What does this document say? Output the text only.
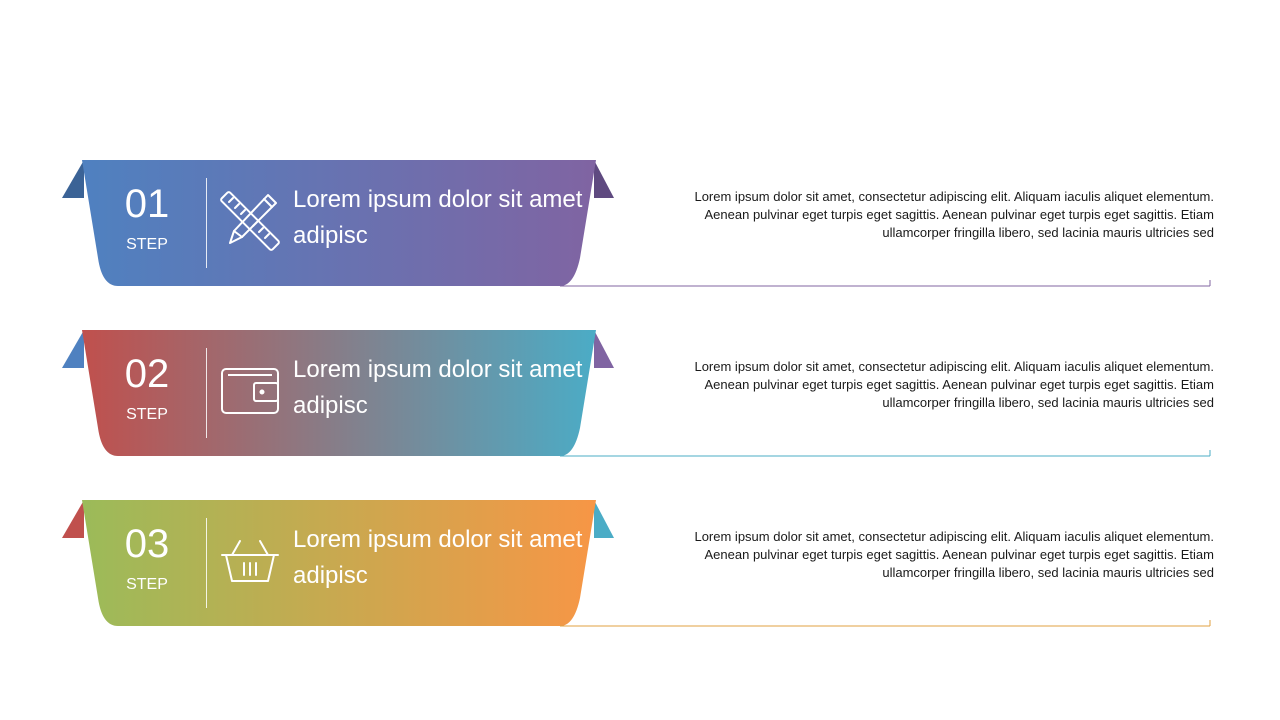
01
STEP
Lorem ipsum dolor sit amet adipisc
Lorem ipsum dolor sit amet, consectetur adipiscing elit. Aliquam iaculis aliquet elementum. Aenean pulvinar eget turpis eget sagittis. Aenean pulvinar eget turpis eget sagittis. Etiam ullamcorper fringilla libero, sed lacinia mauris ultricies sed
02
STEP
Lorem ipsum dolor sit amet adipisc
Lorem ipsum dolor sit amet, consectetur adipiscing elit. Aliquam iaculis aliquet elementum. Aenean pulvinar eget turpis eget sagittis. Aenean pulvinar eget turpis eget sagittis. Etiam ullamcorper fringilla libero, sed lacinia mauris ultricies sed
03
STEP
Lorem ipsum dolor sit amet adipisc
Lorem ipsum dolor sit amet, consectetur adipiscing elit. Aliquam iaculis aliquet elementum. Aenean pulvinar eget turpis eget sagittis. Aenean pulvinar eget turpis eget sagittis. Etiam ullamcorper fringilla libero, sed lacinia mauris ultricies sed
